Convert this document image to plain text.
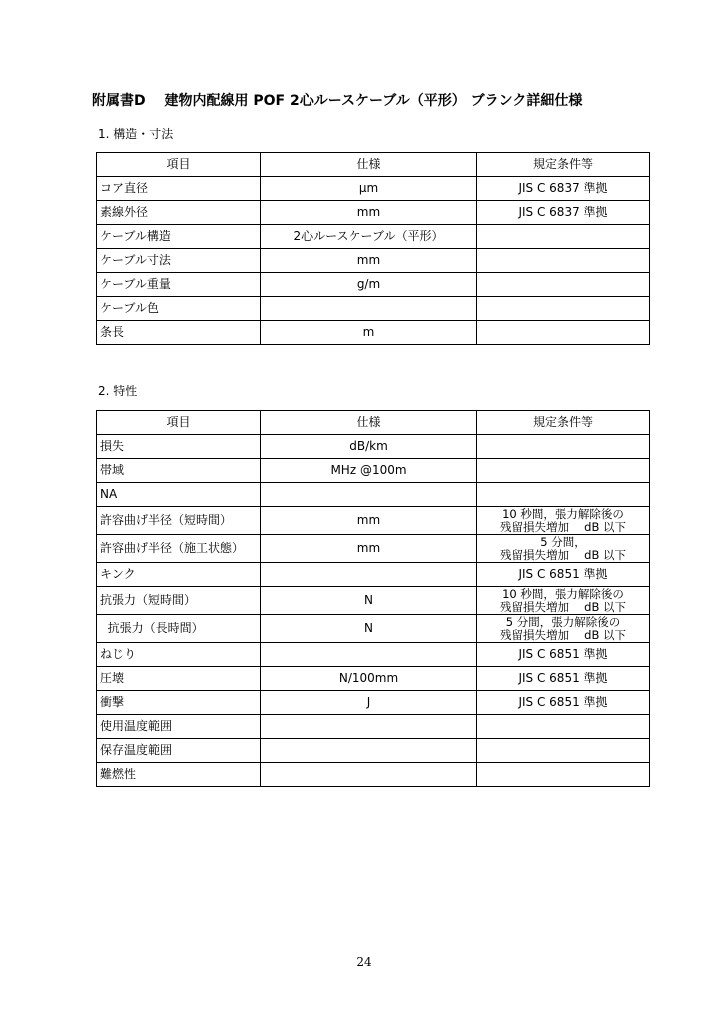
附属書D　 建物内配線用 POF 2心ルースケーブル（平形） ブランク詳細仕様
1. 構造・寸法
項目	仕様	規定条件等
コア直径	μm	JIS C 6837 準拠
素線外径	mm	JIS C 6837 準拠
ケーブル構造	2心ルースケーブル（平形）	
ケーブル寸法	mm	
ケーブル重量	g/m	
ケーブル色		
条長	m	
2. 特性
項目	仕様	規定条件等
損失	dB/km	
帯域	MHz @100m	
NA		
許容曲げ半径（短時間）	mm	10 秒間，張力解除後の
残留損失増加　 dB 以下

許容曲げ半径（施工状態）	mm	5 分間，
残留損失増加　 dB 以下

キンク		JIS C 6851 準拠
抗張力（短時間）	N	10 秒間，張力解除後の
残留損失増加　 dB 以下

抗張力（長時間）	N	5 分間，張力解除後の
残留損失増加　 dB 以下

ねじり		JIS C 6851 準拠
圧壊	N/100mm	JIS C 6851 準拠
衝撃	J	JIS C 6851 準拠
使用温度範囲		
保存温度範囲		
難燃性		
24
